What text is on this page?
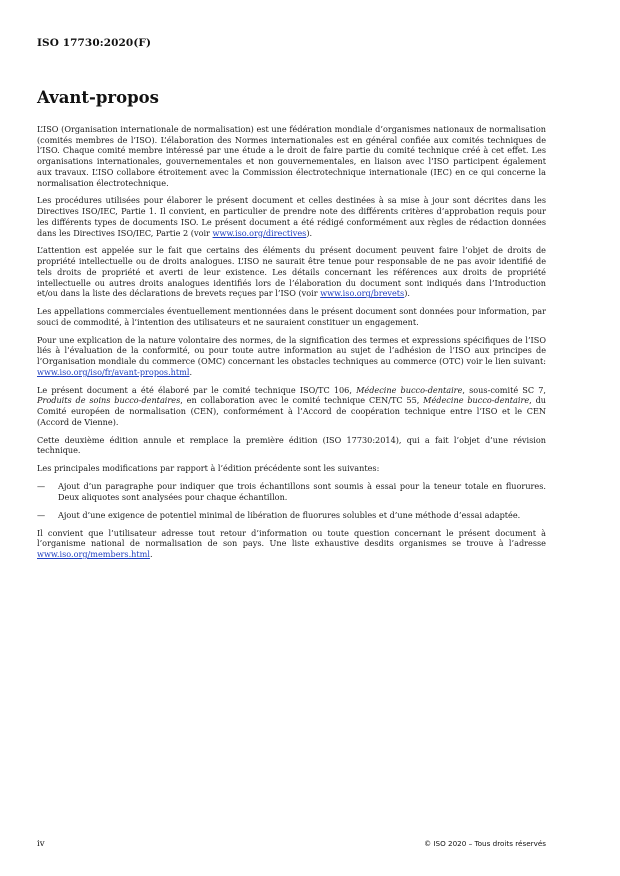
ISO 17730:2020(F)
Avant-propos

L’ISO (Organisation internationale de normalisation) est une fédération mondiale d’organismes nationaux de normalisation (comités membres de l’ISO). L’élaboration des Normes internationales est en général confiée aux comités techniques de l’ISO. Chaque comité membre intéressé par une étude a le droit de faire partie du comité technique créé à cet effet. Les organisations internationales, gouvernementales et non gouvernementales, en liaison avec l’ISO participent également aux travaux. L’ISO collabore étroitement avec la Commission électrotechnique internationale (IEC) en ce qui concerne la normalisation électrotechnique.

Les procédures utilisées pour élaborer le présent document et celles destinées à sa mise à jour sont décrites dans les Directives ISO/IEC, Partie 1. Il convient, en particulier de prendre note des différents critères d’approbation requis pour les différents types de documents ISO. Le présent document a été rédigé conformément aux règles de rédaction données dans les Directives ISO/IEC, Partie 2 (voir www.iso.org/directives).

L’attention est appelée sur le fait que certains des éléments du présent document peuvent faire l’objet de droits de propriété intellectuelle ou de droits analogues. L’ISO ne saurait être tenue pour responsable de ne pas avoir identifié de tels droits de propriété et averti de leur existence. Les détails concernant les références aux droits de propriété intellectuelle ou autres droits analogues identifiés lors de l’élaboration du document sont indiqués dans l’Introduction et/ou dans la liste des déclarations de brevets reçues par l’ISO (voir www.iso.org/brevets).

Les appellations commerciales éventuellement mentionnées dans le présent document sont données pour information, par souci de commodité, à l’intention des utilisateurs et ne sauraient constituer un engagement.

Pour une explication de la nature volontaire des normes, de la signification des termes et expressions spécifiques de l’ISO liés à l’évaluation de la conformité, ou pour toute autre information au sujet de l’adhésion de l’ISO aux principes de l’Organisation mondiale du commerce (OMC) concernant les obstacles techniques au commerce (OTC) voir le lien suivant: www.iso.org/iso/fr/avant-propos.html.

Le présent document a été élaboré par le comité technique ISO/TC 106, Médecine bucco-dentaire, sous-comité SC 7, Produits de soins bucco-dentaires, en collaboration avec le comité technique CEN/TC 55, Médecine bucco-dentaire, du Comité européen de normalisation (CEN), conformément à l’Accord de coopération technique entre l’ISO et le CEN (Accord de Vienne).

Cette deuxième édition annule et remplace la première édition (ISO 17730:2014), qui a fait l’objet d’une révision technique.

Les principales modifications par rapport à l’édition précédente sont les suivantes:

—	Ajout d’un paragraphe pour indiquer que trois échantillons sont soumis à essai pour la teneur totale en fluorures. Deux aliquotes sont analysées pour chaque échantillon.
—	Ajout d’une exigence de potentiel minimal de libération de fluorures solubles et d’une méthode d’essai adaptée.

Il convient que l’utilisateur adresse tout retour d’information ou toute question concernant le présent document à l’organisme national de normalisation de son pays. Une liste exhaustive desdits organismes se trouve à l’adresse www.iso.org/members.html.

iv	© ISO 2020 – Tous droits réservés
